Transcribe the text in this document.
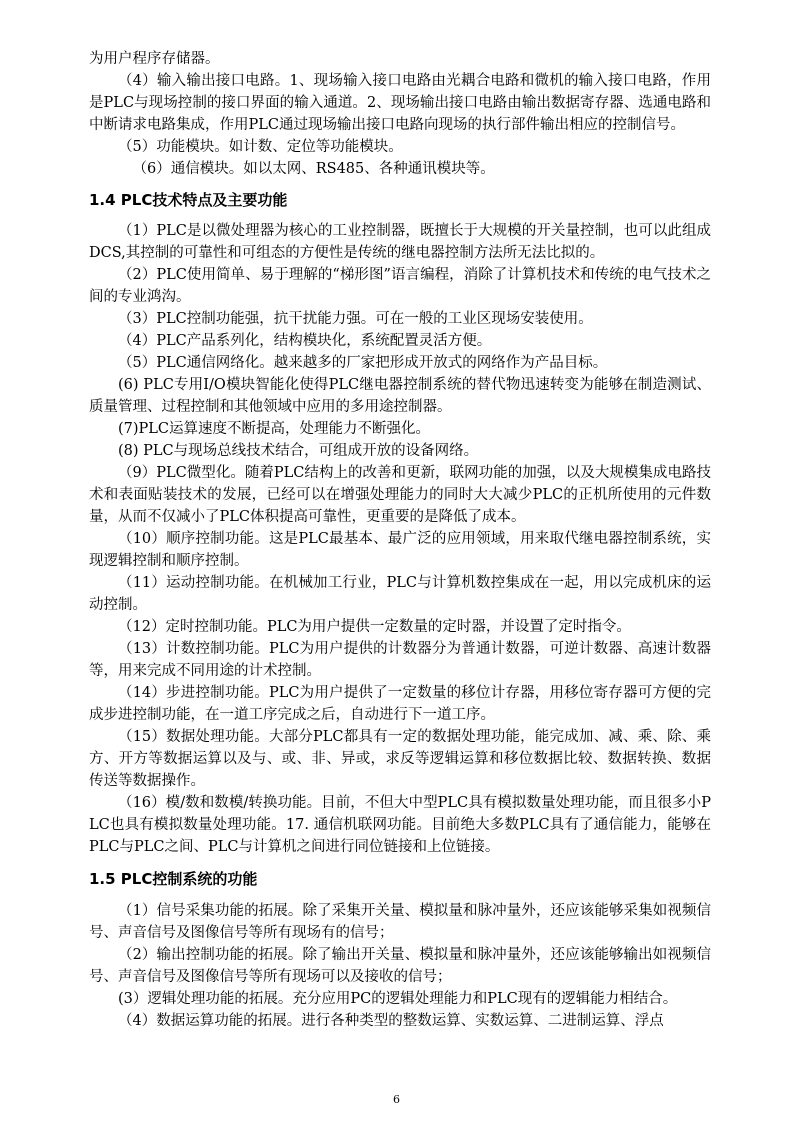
为用户程序存储器。

（4）输入输出接口电路。1、现场输入接口电路由光耦合电路和微机的输入接口电路，作用是PLC与现场控制的接口界面的输入通道。2、现场输出接口电路由输出数据寄存器、选通电路和中断请求电路集成，作用PLC通过现场输出接口电路向现场的执行部件输出相应的控制信号。

（5）功能模块。如计数、定位等功能模块。

（6）通信模块。如以太网、RS485、各种通讯模块等。

1.4 PLC技术特点及主要功能

（1）PLC是以微处理器为核心的工业控制器，既擅长于大规模的开关量控制，也可以此组成DCS,其控制的可靠性和可组态的方便性是传统的继电器控制方法所无法比拟的。

（2）PLC使用简单、易于理解的“梯形图”语言编程，消除了计算机技术和传统的电气技术之间的专业鸿沟。

（3）PLC控制功能强，抗干扰能力强。可在一般的工业区现场安装使用。

（4）PLC产品系列化，结构模块化，系统配置灵活方便。

（5）PLC通信网络化。越来越多的厂家把形成开放式的网络作为产品目标。

(6) PLC专用I/O模块智能化使得PLC继电器控制系统的替代物迅速转变为能够在制造测试、质量管理、过程控制和其他领域中应用的多用途控制器。

(7)PLC运算速度不断提高，处理能力不断强化。

(8) PLC与现场总线技术结合，可组成开放的设备网络。

（9）PLC微型化。随着PLC结构上的改善和更新，联网功能的加强，以及大规模集成电路技术和表面贴装技术的发展，已经可以在增强处理能力的同时大大减少PLC的正机所使用的元件数量，从而不仅减小了PLC体积提高可靠性，更重要的是降低了成本。

（10）顺序控制功能。这是PLC最基本、最广泛的应用领域，用来取代继电器控制系统，实现逻辑控制和顺序控制。

（11）运动控制功能。在机械加工行业，PLC与计算机数控集成在一起，用以完成机床的运动控制。

（12）定时控制功能。PLC为用户提供一定数量的定时器，并设置了定时指令。

（13）计数控制功能。PLC为用户提供的计数器分为普通计数器，可逆计数器、高速计数器等，用来完成不同用途的计术控制。

（14）步进控制功能。PLC为用户提供了一定数量的移位计存器，用移位寄存器可方便的完成步进控制功能，在一道工序完成之后，自动进行下一道工序。

（15）数据处理功能。大部分PLC都具有一定的数据处理功能，能完成加、减、乘、除、乘方、开方等数据运算以及与、或、非、异或，求反等逻辑运算和移位数据比较、数据转换、数据传送等数据操作。

（16）模/数和数模/转换功能。目前，不但大中型PLC具有模拟数量处理功能，而且很多小PLC也具有模拟数量处理功能。17. 通信机联网功能。目前绝大多数PLC具有了通信能力，能够在PLC与PLC之间、PLC与计算机之间进行同位链接和上位链接。

1.5 PLC控制系统的功能

（1）信号采集功能的拓展。除了采集开关量、模拟量和脉冲量外，还应该能够采集如视频信号、声音信号及图像信号等所有现场有的信号；

（2）输出控制功能的拓展。除了输出开关量、模拟量和脉冲量外，还应该能够输出如视频信号、声音信号及图像信号等所有现场可以及接收的信号；

(3）逻辑处理功能的拓展。充分应用PC的逻辑处理能力和PLC现有的逻辑能力相结合。

（4）数据运算功能的拓展。进行各种类型的整数运算、实数运算、二进制运算、浮点

6
